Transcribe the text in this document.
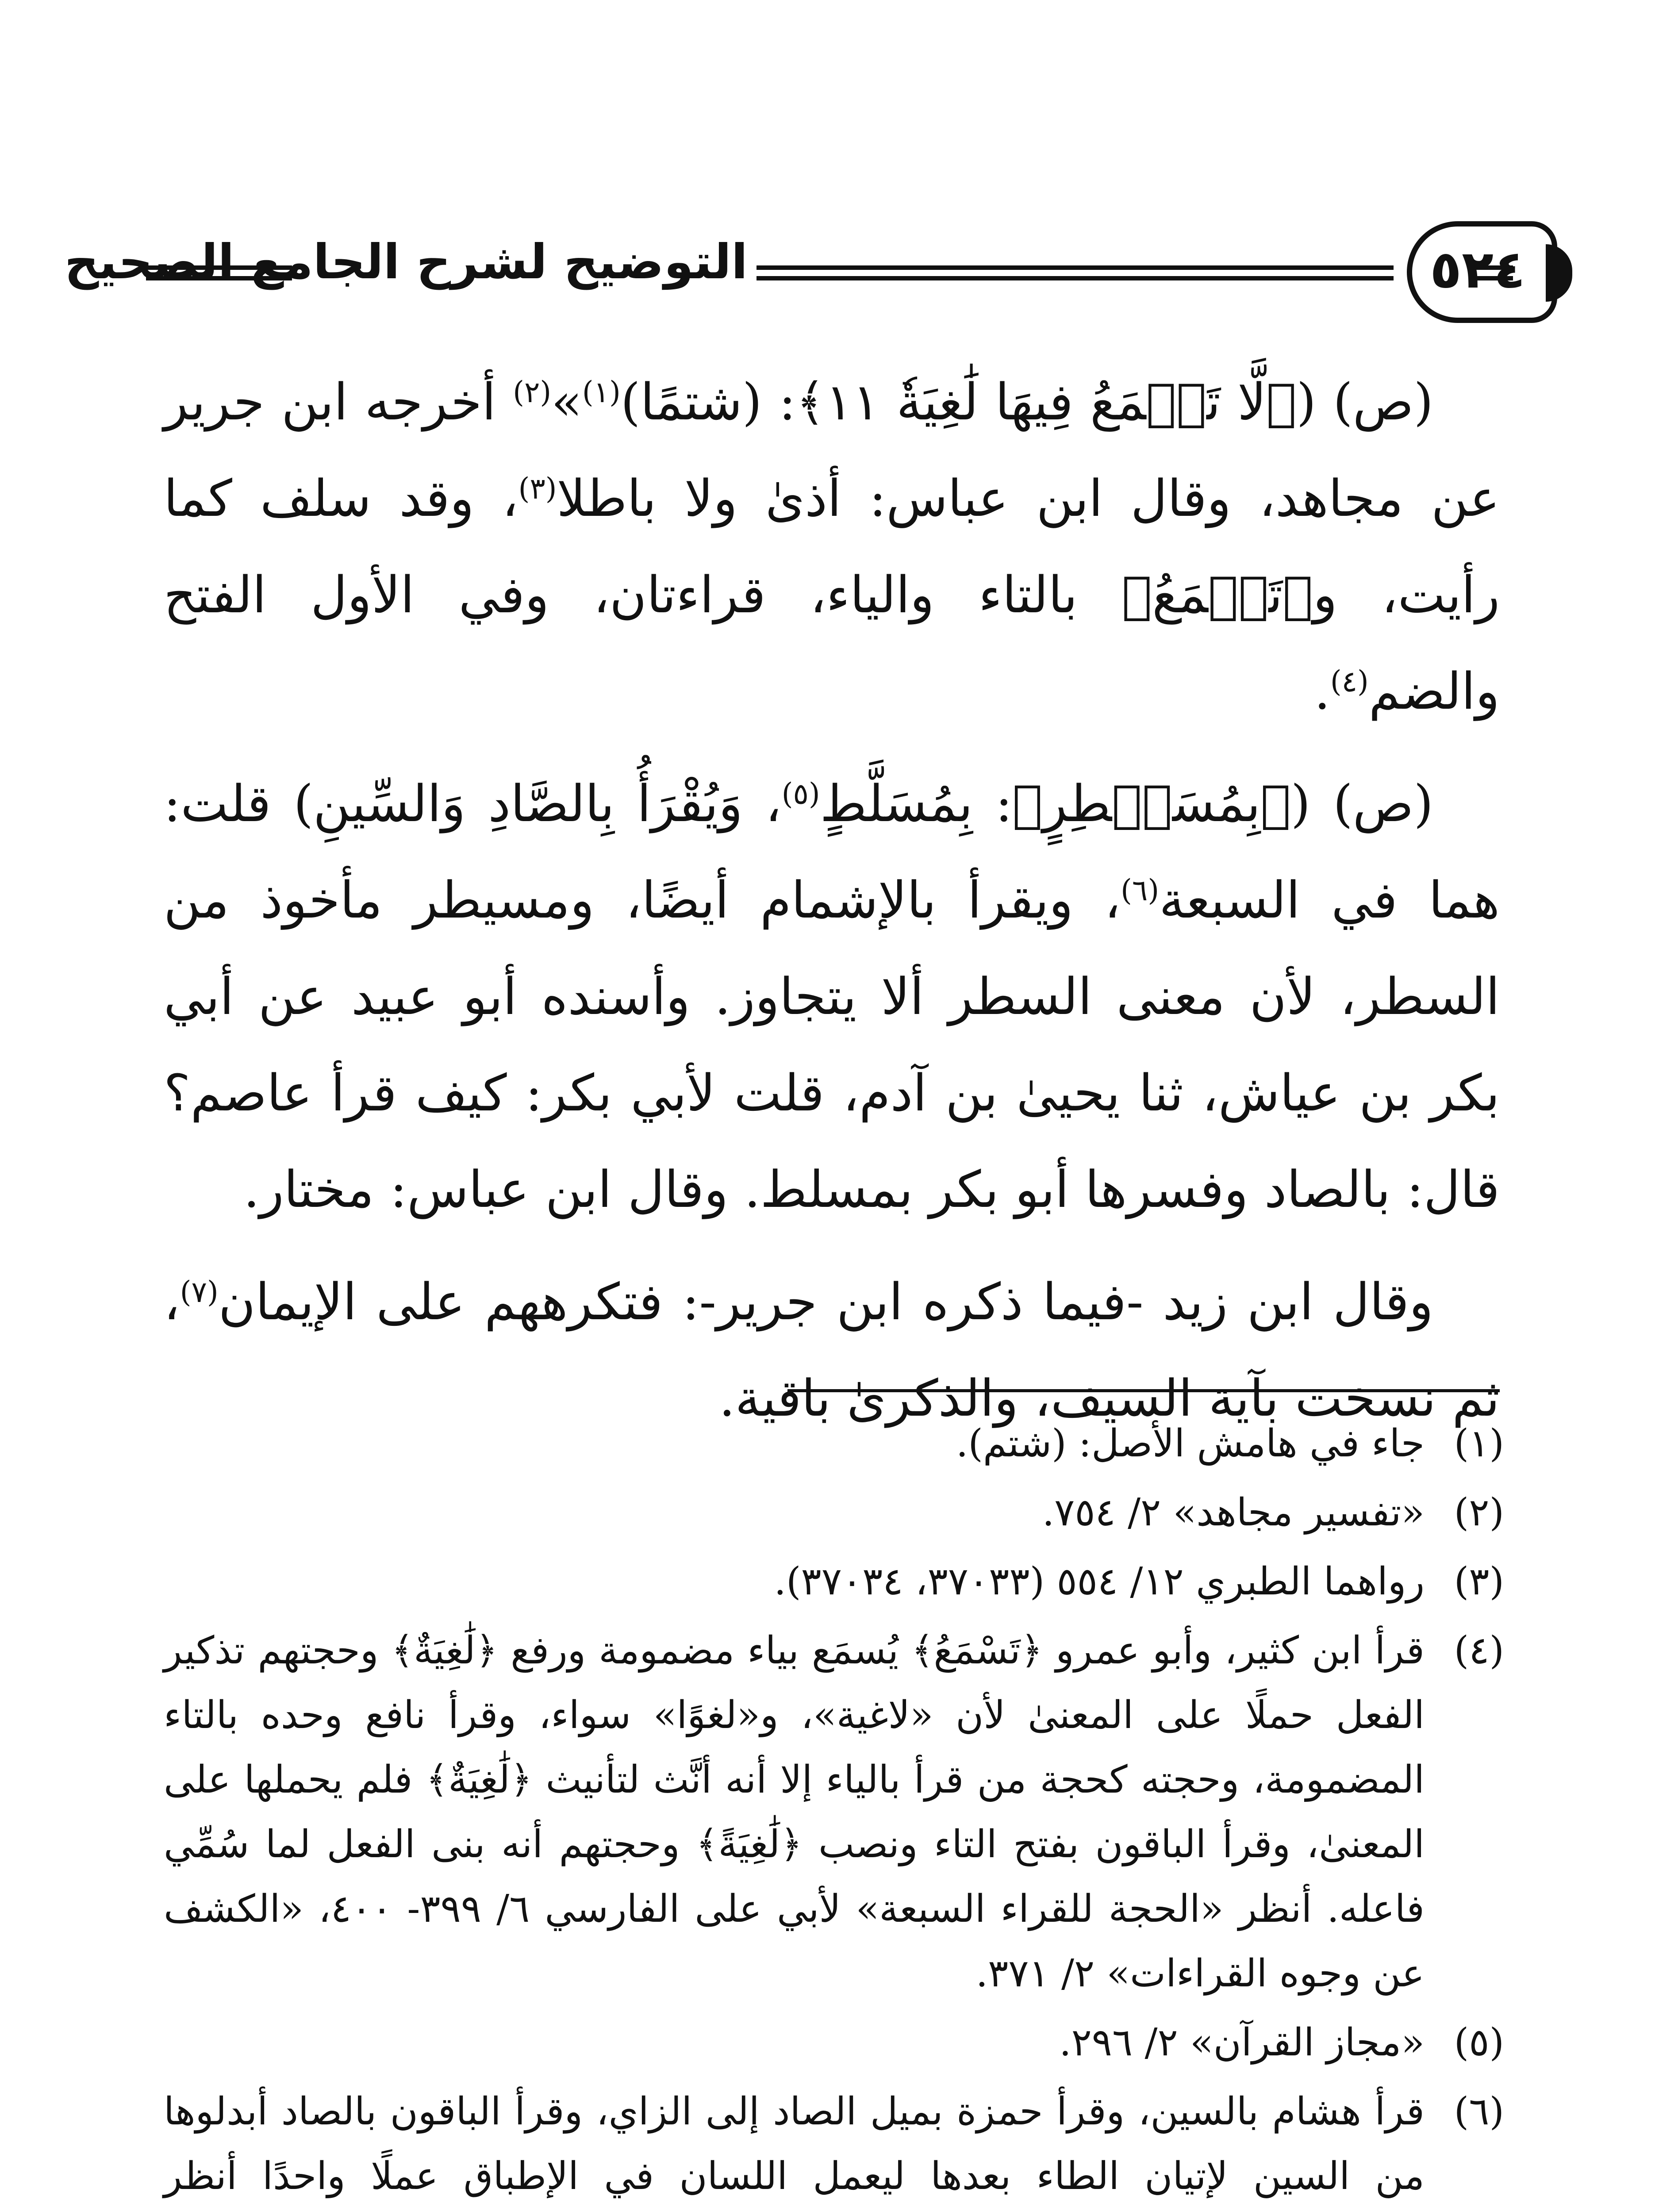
التوضيح لشرح الجامع الصحيح	٥٢٤

(ص) (﴿لَّا تَسۡمَعُ فِيهَا لَٰغِيَةٗ ١١﴾: (شتمًا)$^{(١)}$»$^{(٢)}$ أخرجه ابن جرير عن مجاهد، وقال ابن عباس: أذىٰ ولا باطلا$^{(٣)}$، وقد سلف كما رأيت، و﴿تَسۡمَعُ﴾ بالتاء والياء، قراءتان، وفي الأول الفتح والضم$^{(٤)}$.

(ص) (﴿بِمُسَيۡطِرٍ﴾: بِمُسَلَّطٍ$^{(٥)}$، وَيُقْرَأُ بِالصَّادِ وَالسِّينِ) قلت: هما في السبعة$^{(٦)}$، ويقرأ بالإشمام أيضًا، ومسيطر مأخوذ من السطر، لأن معنى السطر ألا يتجاوز. وأسنده أبو عبيد عن أبي بكر بن عياش، ثنا يحيىٰ بن آدم، قلت لأبي بكر: كيف قرأ عاصم؟ قال: بالصاد وفسرها أبو بكر بمسلط. وقال ابن عباس: مختار.

وقال ابن زيد -فيما ذكره ابن جرير-: فتكرههم على الإيمان$^{(٧)}$، ثم نسخت بآية السيف، والذكرىٰ باقية.

(١)
جاء في هامش الأصل: (شتم).
(٢)
«تفسير مجاهد» ٢/ ٧٥٤.
(٣)
رواهما الطبري ١٢/ ٥٥٤ (٣٧٠٣٣، ٣٧٠٣٤).
(٤)
قرأ ابن كثير، وأبو عمرو ﴿تَسْمَعُ﴾ يُسمَع بياء مضمومة ورفع ﴿لَٰغِيَةٌ﴾ وحجتهم تذكير الفعل حملًا على المعنىٰ لأن «لاغية»، و«لغوًا» سواء، وقرأ نافع وحده بالتاء المضمومة، وحجته كحجة من قرأ بالياء إلا أنه أنَّث لتأنيث ﴿لَٰغِيَةٌ﴾ فلم يحملها على المعنىٰ، وقرأ الباقون بفتح التاء ونصب ﴿لَٰغِيَةً﴾ وحجتهم أنه بنى الفعل لما سُمِّي فاعله. أنظر «الحجة للقراء السبعة» لأبي على الفارسي ٦/ ٣٩٩- ٤٠٠، «الكشف عن وجوه القراءات» ٢/ ٣٧١.
(٥)
«مجاز القرآن» ٢/ ٢٩٦.
(٦)
قرأ هشام بالسين، وقرأ حمزة بميل الصاد إلى الزاي، وقرأ الباقون بالصاد أبدلوها من السين لإتيان الطاء بعدها ليعمل اللسان في الإطباق عملًا واحدًا أنظر
